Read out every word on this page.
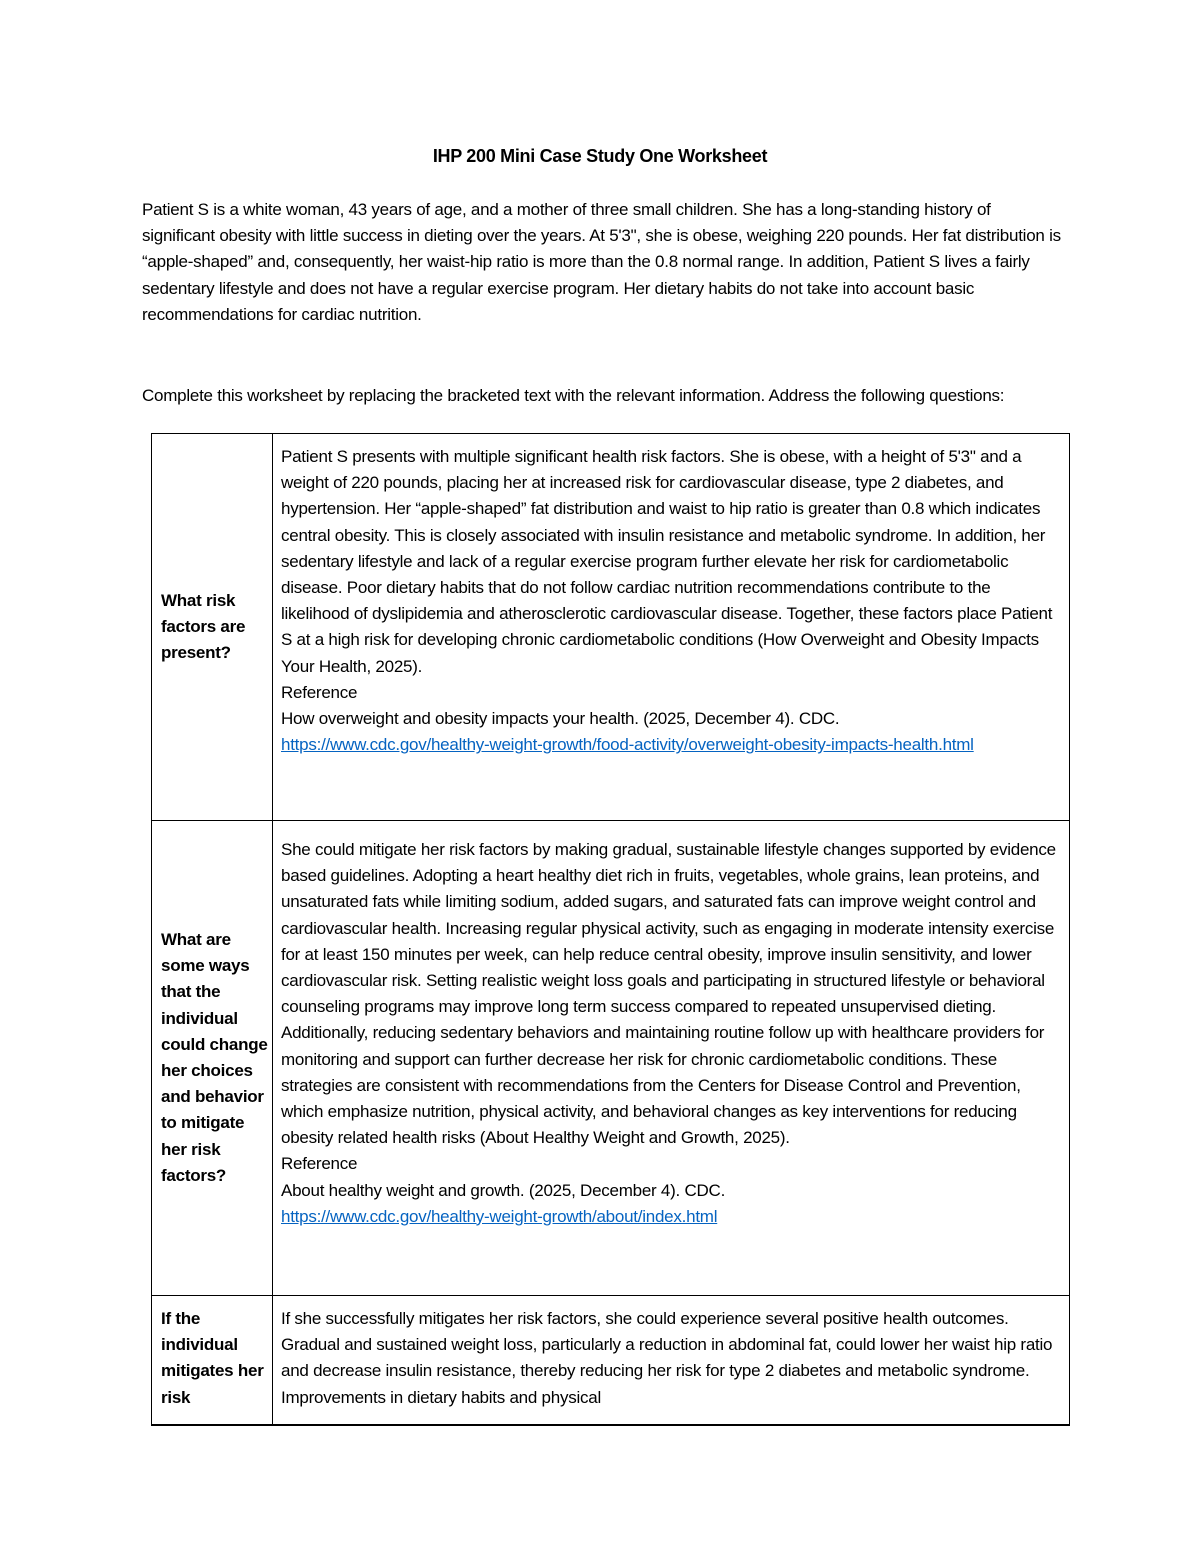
IHP 200 Mini Case Study One Worksheet

Patient S is a white woman, 43 years of age, and a mother of three small children. She has a long-standing history of significant obesity with little success in dieting over the years. At 5'3", she is obese, weighing 220 pounds. Her fat distribution is “apple-shaped” and, consequently, her waist-hip ratio is more than the 0.8 normal range. In addition, Patient S lives a fairly sedentary lifestyle and does not have a regular exercise program. Her dietary habits do not take into account basic recommendations for cardiac nutrition.

Complete this worksheet by replacing the bracketed text with the relevant information. Address the following questions:

What risk factors are present?	Patient S presents with multiple significant health risk factors. She is obese, with a height of 5'3" and a weight of 220 pounds, placing her at increased risk for cardiovascular disease, type 2 diabetes, and hypertension. Her “apple-shaped” fat distribution and waist to hip ratio is greater than 0.8 which indicates central obesity. This is closely associated with insulin resistance and metabolic syndrome. In addition, her sedentary lifestyle and lack of a regular exercise program further elevate her risk for cardiometabolic disease. Poor dietary habits that do not follow cardiac nutrition recommendations contribute to the likelihood of dyslipidemia and atherosclerotic cardiovascular disease. Together, these factors place Patient S at a high risk for developing chronic cardiometabolic conditions (How Overweight and Obesity Impacts Your Health, 2025).
Reference
How overweight and obesity impacts your health. (2025, December 4). CDC.
https://www.cdc.gov/healthy-weight-growth/food-activity/overweight-obesity-impacts-health.html

What are some ways that the individual could change her choices and behavior to mitigate her risk factors?	She could mitigate her risk factors by making gradual, sustainable lifestyle changes supported by evidence based guidelines. Adopting a heart healthy diet rich in fruits, vegetables, whole grains, lean proteins, and unsaturated fats while limiting sodium, added sugars, and saturated fats can improve weight control and cardiovascular health. Increasing regular physical activity, such as engaging in moderate intensity exercise for at least 150 minutes per week, can help reduce central obesity, improve insulin sensitivity, and lower cardiovascular risk. Setting realistic weight loss goals and participating in structured lifestyle or behavioral counseling programs may improve long term success compared to repeated unsupervised dieting. Additionally, reducing sedentary behaviors and maintaining routine follow up with healthcare providers for monitoring and support can further decrease her risk for chronic cardiometabolic conditions. These strategies are consistent with recommendations from the Centers for Disease Control and Prevention, which emphasize nutrition, physical activity, and behavioral changes as key interventions for reducing obesity related health risks (About Healthy Weight and Growth, 2025).
Reference
About healthy weight and growth. (2025, December 4). CDC.
https://www.cdc.gov/healthy-weight-growth/about/index.html

If the individual mitigates her risk	If she successfully mitigates her risk factors, she could experience several positive health outcomes. Gradual and sustained weight loss, particularly a reduction in abdominal fat, could lower her waist hip ratio and decrease insulin resistance, thereby reducing her risk for type 2 diabetes and metabolic syndrome. Improvements in dietary habits and physical
